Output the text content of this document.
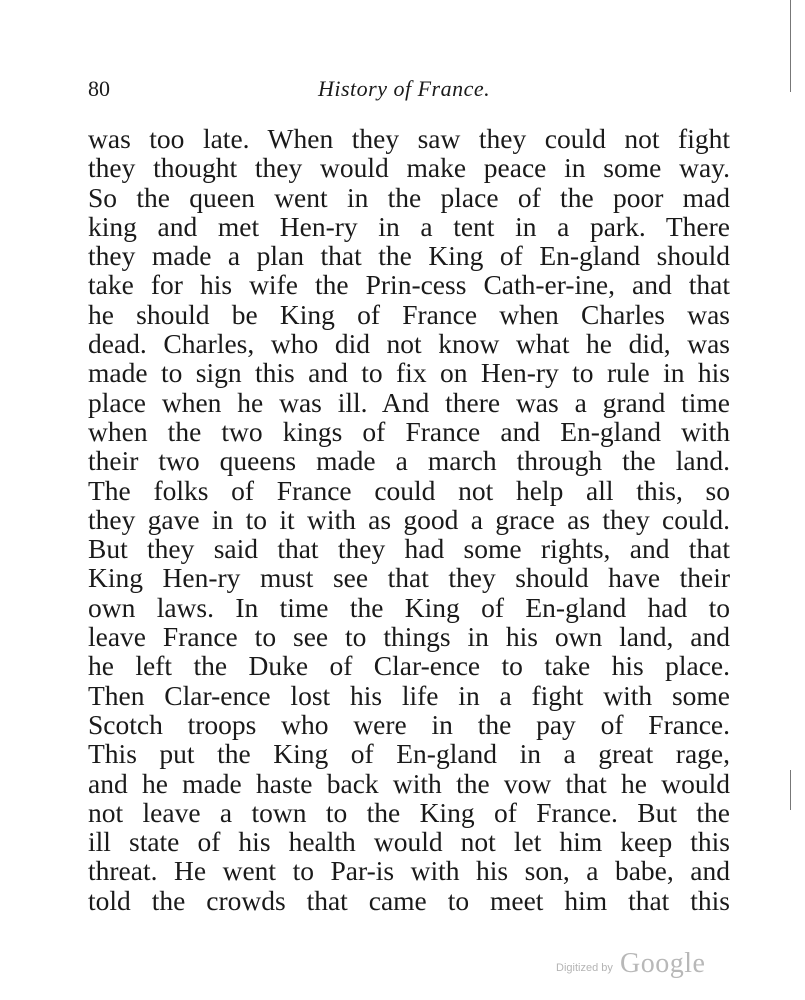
80	History of France.
was too late. When they saw they could not fight
they thought they would make peace in some way.
So the queen went in the place of the poor mad
king and met Hen-ry in a tent in a park. There
they made a plan that the King of En-gland should
take for his wife the Prin-cess Cath-er-ine, and that
he should be King of France when Charles was
dead. Charles, who did not know what he did, was
made to sign this and to fix on Hen-ry to rule in his
place when he was ill. And there was a grand time
when the two kings of France and En-gland with
their two queens made a march through the land.
The folks of France could not help all this, so
they gave in to it with as good a grace as they could.
But they said that they had some rights, and that
King Hen-ry must see that they should have their
own laws. In time the King of En-gland had to
leave France to see to things in his own land, and
he left the Duke of Clar-ence to take his place.
Then Clar-ence lost his life in a fight with some
Scotch troops who were in the pay of France.
This put the King of En-gland in a great rage,
and he made haste back with the vow that he would
not leave a town to the King of France. But the
ill state of his health would not let him keep this
threat. He went to Par-is with his son, a babe, and
told the crowds that came to meet him that this
Digitized by Google
